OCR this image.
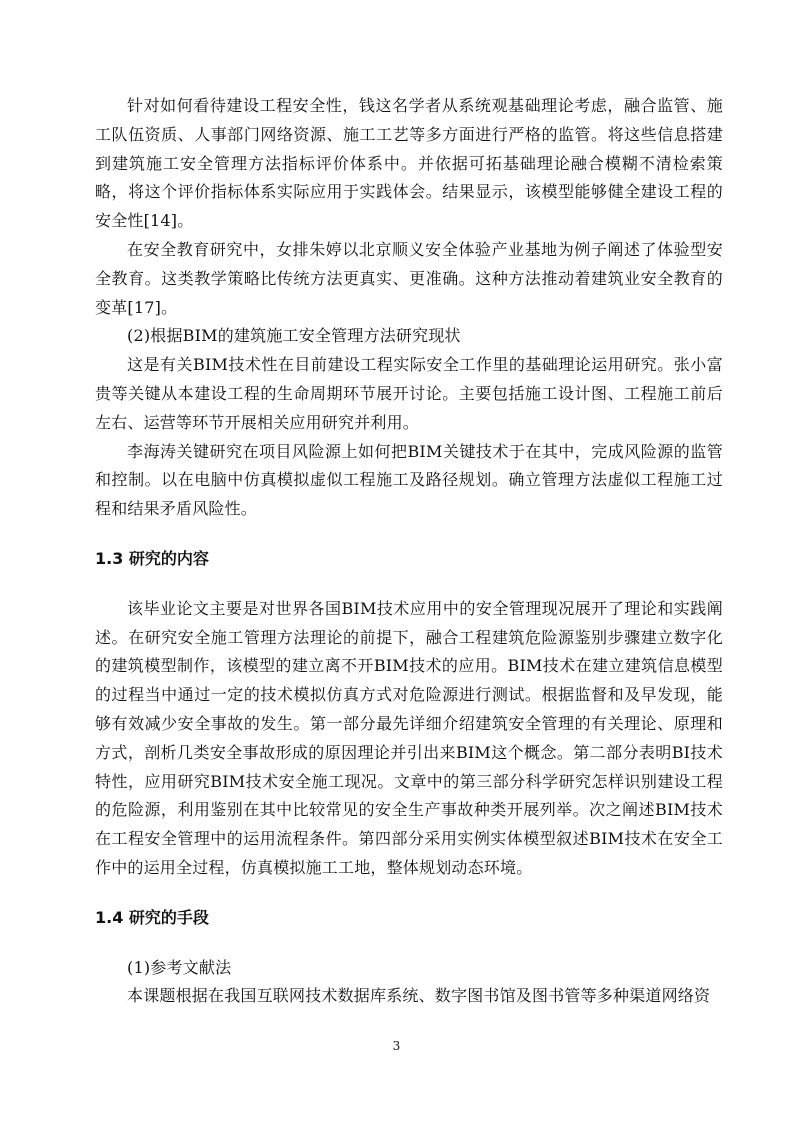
针对如何看待建设工程安全性，钱这名学者从系统观基础理论考虑，融合监管、施工队伍资质、人事部门网络资源、施工工艺等多方面进行严格的监管。将这些信息搭建到建筑施工安全管理方法指标评价体系中。并依据可拓基础理论融合模糊不清检索策略，将这个评价指标体系实际应用于实践体会。结果显示，该模型能够健全建设工程的安全性[14]。

在安全教育研究中，女排朱婷以北京顺义安全体验产业基地为例子阐述了体验型安全教育。这类教学策略比传统方法更真实、更准确。这种方法推动着建筑业安全教育的变革[17]。

(2)根据BIM的建筑施工安全管理方法研究现状

这是有关BIM技术性在目前建设工程实际安全工作里的基础理论运用研究。张小富贵等关键从本建设工程的生命周期环节展开讨论。主要包括施工设计图、工程施工前后左右、运营等环节开展相关应用研究并利用。

李海涛关键研究在项目风险源上如何把BIM关键技术于在其中，完成风险源的监管和控制。以在电脑中仿真模拟虚似工程施工及路径规划。确立管理方法虚似工程施工过程和结果矛盾风险性。

1.3 研究的内容

该毕业论文主要是对世界各国BIM技术应用中的安全管理现况展开了理论和实践阐述。在研究安全施工管理方法理论的前提下，融合工程建筑危险源鉴别步骤建立数字化的建筑模型制作，该模型的建立离不开BIM技术的应用。BIM技术在建立建筑信息模型的过程当中通过一定的技术模拟仿真方式对危险源进行测试。根据监督和及早发现，能够有效减少安全事故的发生。第一部分最先详细介绍建筑安全管理的有关理论、原理和方式，剖析几类安全事故形成的原因理论并引出来BIM这个概念。第二部分表明BI技术特性，应用研究BIM技术安全施工现况。文章中的第三部分科学研究怎样识别建设工程的危险源，利用鉴别在其中比较常见的安全生产事故种类开展列举。次之阐述BIM技术在工程安全管理中的运用流程条件。第四部分采用实例实体模型叙述BIM技术在安全工作中的运用全过程，仿真模拟施工工地，整体规划动态环境。

1.4 研究的手段

(1)参考文献法

本课题根据在我国互联网技术数据库系统、数字图书馆及图书管等多种渠道网络资

3
